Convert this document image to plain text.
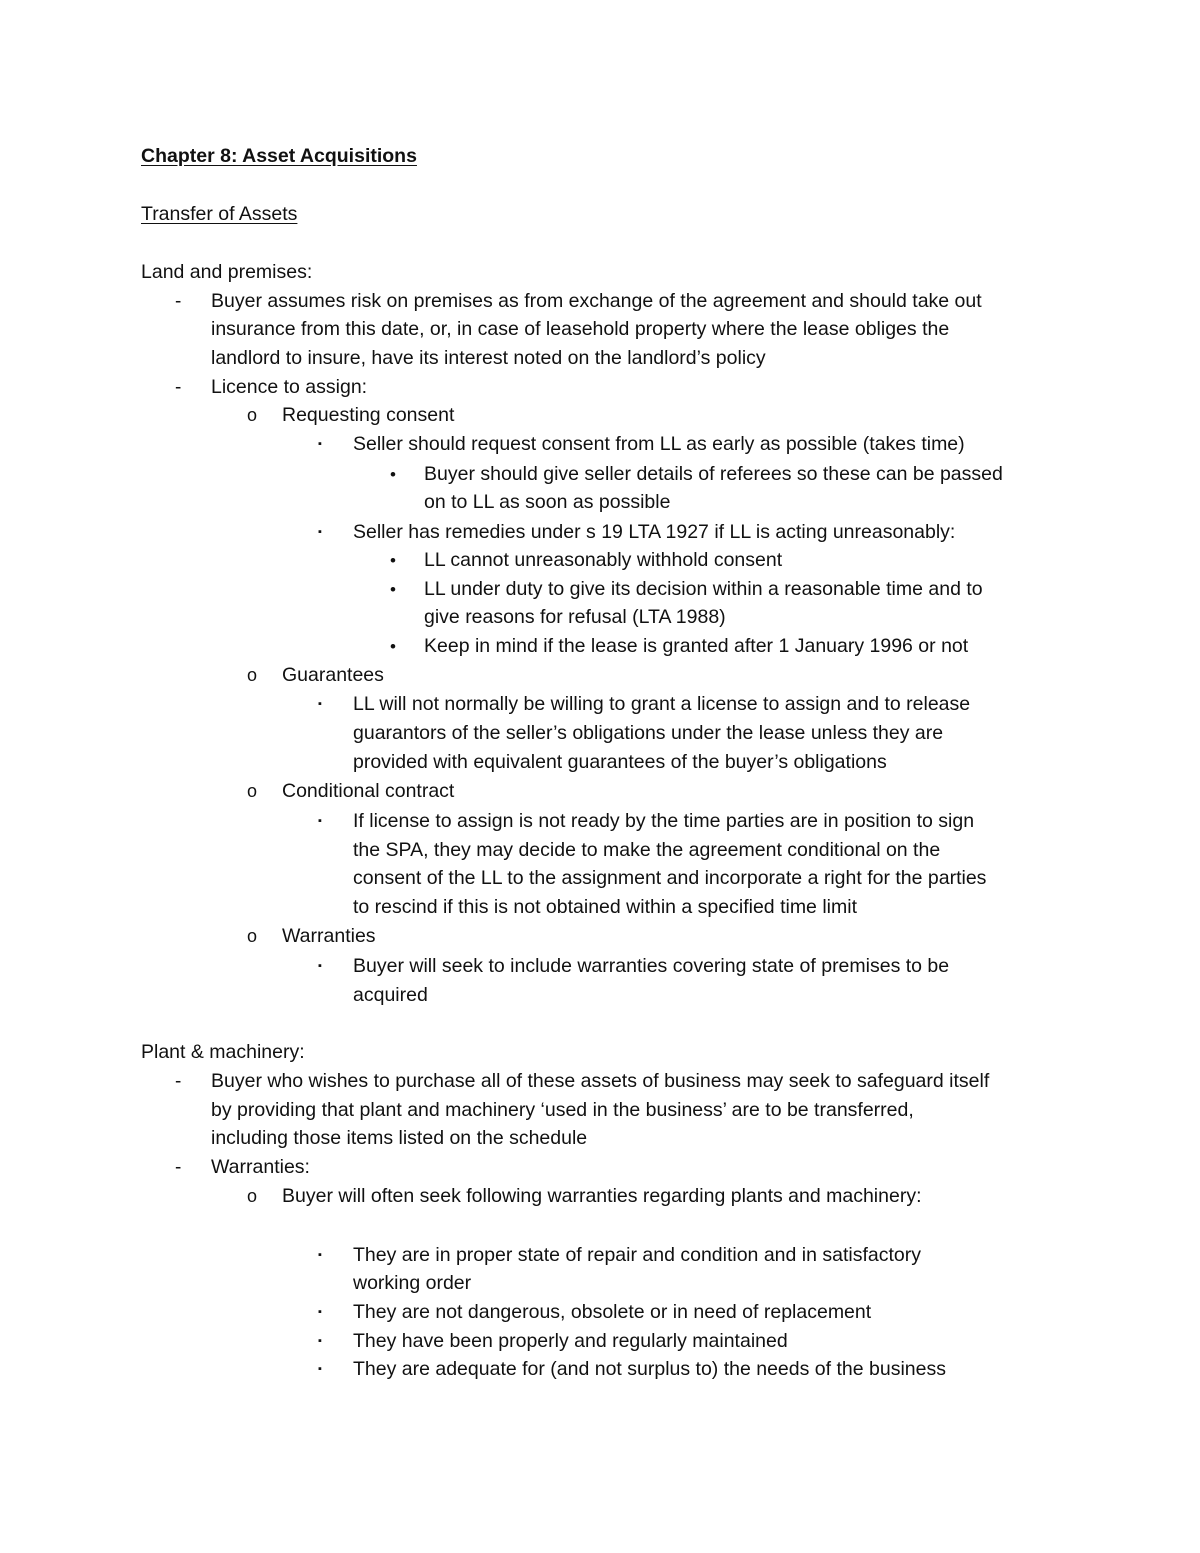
Chapter 8: Asset Acquisitions
Transfer of Assets
Land and premises:
- Buyer assumes risk on premises as from exchange of the agreement and should take out
insurance from this date, or, in case of leasehold property where the lease obliges the
landlord to insure, have its interest noted on the landlord’s policy
- Licence to assign:
o Requesting consent
▪ Seller should request consent from LL as early as possible (takes time)
• Buyer should give seller details of referees so these can be passed
on to LL as soon as possible
▪ Seller has remedies under s 19 LTA 1927 if LL is acting unreasonably:
• LL cannot unreasonably withhold consent
• LL under duty to give its decision within a reasonable time and to
give reasons for refusal (LTA 1988)
• Keep in mind if the lease is granted after 1 January 1996 or not
o Guarantees
▪ LL will not normally be willing to grant a license to assign and to release
guarantors of the seller’s obligations under the lease unless they are
provided with equivalent guarantees of the buyer’s obligations
o Conditional contract
▪ If license to assign is not ready by the time parties are in position to sign
the SPA, they may decide to make the agreement conditional on the
consent of the LL to the assignment and incorporate a right for the parties
to rescind if this is not obtained within a specified time limit
o Warranties
▪ Buyer will seek to include warranties covering state of premises to be
acquired
Plant & machinery:
- Buyer who wishes to purchase all of these assets of business may seek to safeguard itself
by providing that plant and machinery ‘used in the business’ are to be transferred,
including those items listed on the schedule
- Warranties:
o Buyer will often seek following warranties regarding plants and machinery:
▪ They are in proper state of repair and condition and in satisfactory
working order
▪ They are not dangerous, obsolete or in need of replacement
▪ They have been properly and regularly maintained
▪ They are adequate for (and not surplus to) the needs of the business
